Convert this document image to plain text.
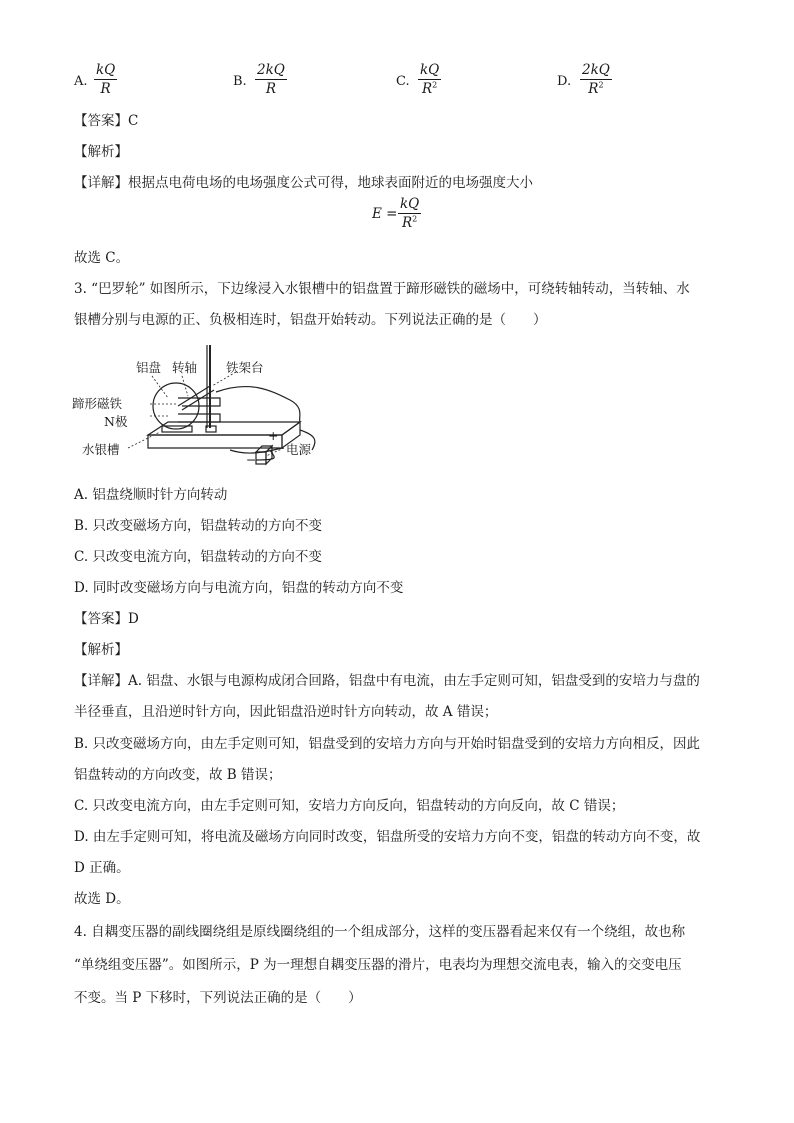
A.
kQ
R	B.
2kQ
R	C.
kQ
$R^2$	D.
2kQ
$R^2$
【答案】C
【解析】
【详解】根据点电荷电场的电场强度公式可得，地球表面附近的电场强度大小
E =
kQ
$R^2$
故选 C。
3. “巴罗轮” 如图所示，下边缘浸入水银槽中的铝盘置于蹄形磁铁的磁场中，可绕转轴转动，当转轴、水
银槽分别与电源的正、负极相连时，铝盘开始转动。下列说法正确的是（　　）
铝盘 转轴 铁架台
蹄形磁铁
N极
水银槽	电源
+
−
A. 铝盘绕顺时针方向转动
B. 只改变磁场方向，铝盘转动的方向不变
C. 只改变电流方向，铝盘转动的方向不变
D. 同时改变磁场方向与电流方向，铝盘的转动方向不变
【答案】D
【解析】
【详解】A. 铝盘、水银与电源构成闭合回路，铝盘中有电流，由左手定则可知，铝盘受到的安培力与盘的
半径垂直，且沿逆时针方向，因此铝盘沿逆时针方向转动，故 A 错误；
B. 只改变磁场方向，由左手定则可知，铝盘受到的安培力方向与开始时铝盘受到的安培力方向相反，因此
铝盘转动的方向改变，故 B 错误；
C. 只改变电流方向，由左手定则可知，安培力方向反向，铝盘转动的方向反向，故 C 错误；
D. 由左手定则可知，将电流及磁场方向同时改变，铝盘所受的安培力方向不变，铝盘的转动方向不变，故
D 正确。
故选 D。
4. 自耦变压器的副线圈绕组是原线圈绕组的一个组成部分，这样的变压器看起来仅有一个绕组，故也称
“单绕组变压器”。如图所示，P 为一理想自耦变压器的滑片，电表均为理想交流电表，输入的交变电压
不变。当 P 下移时，下列说法正确的是（　　）
